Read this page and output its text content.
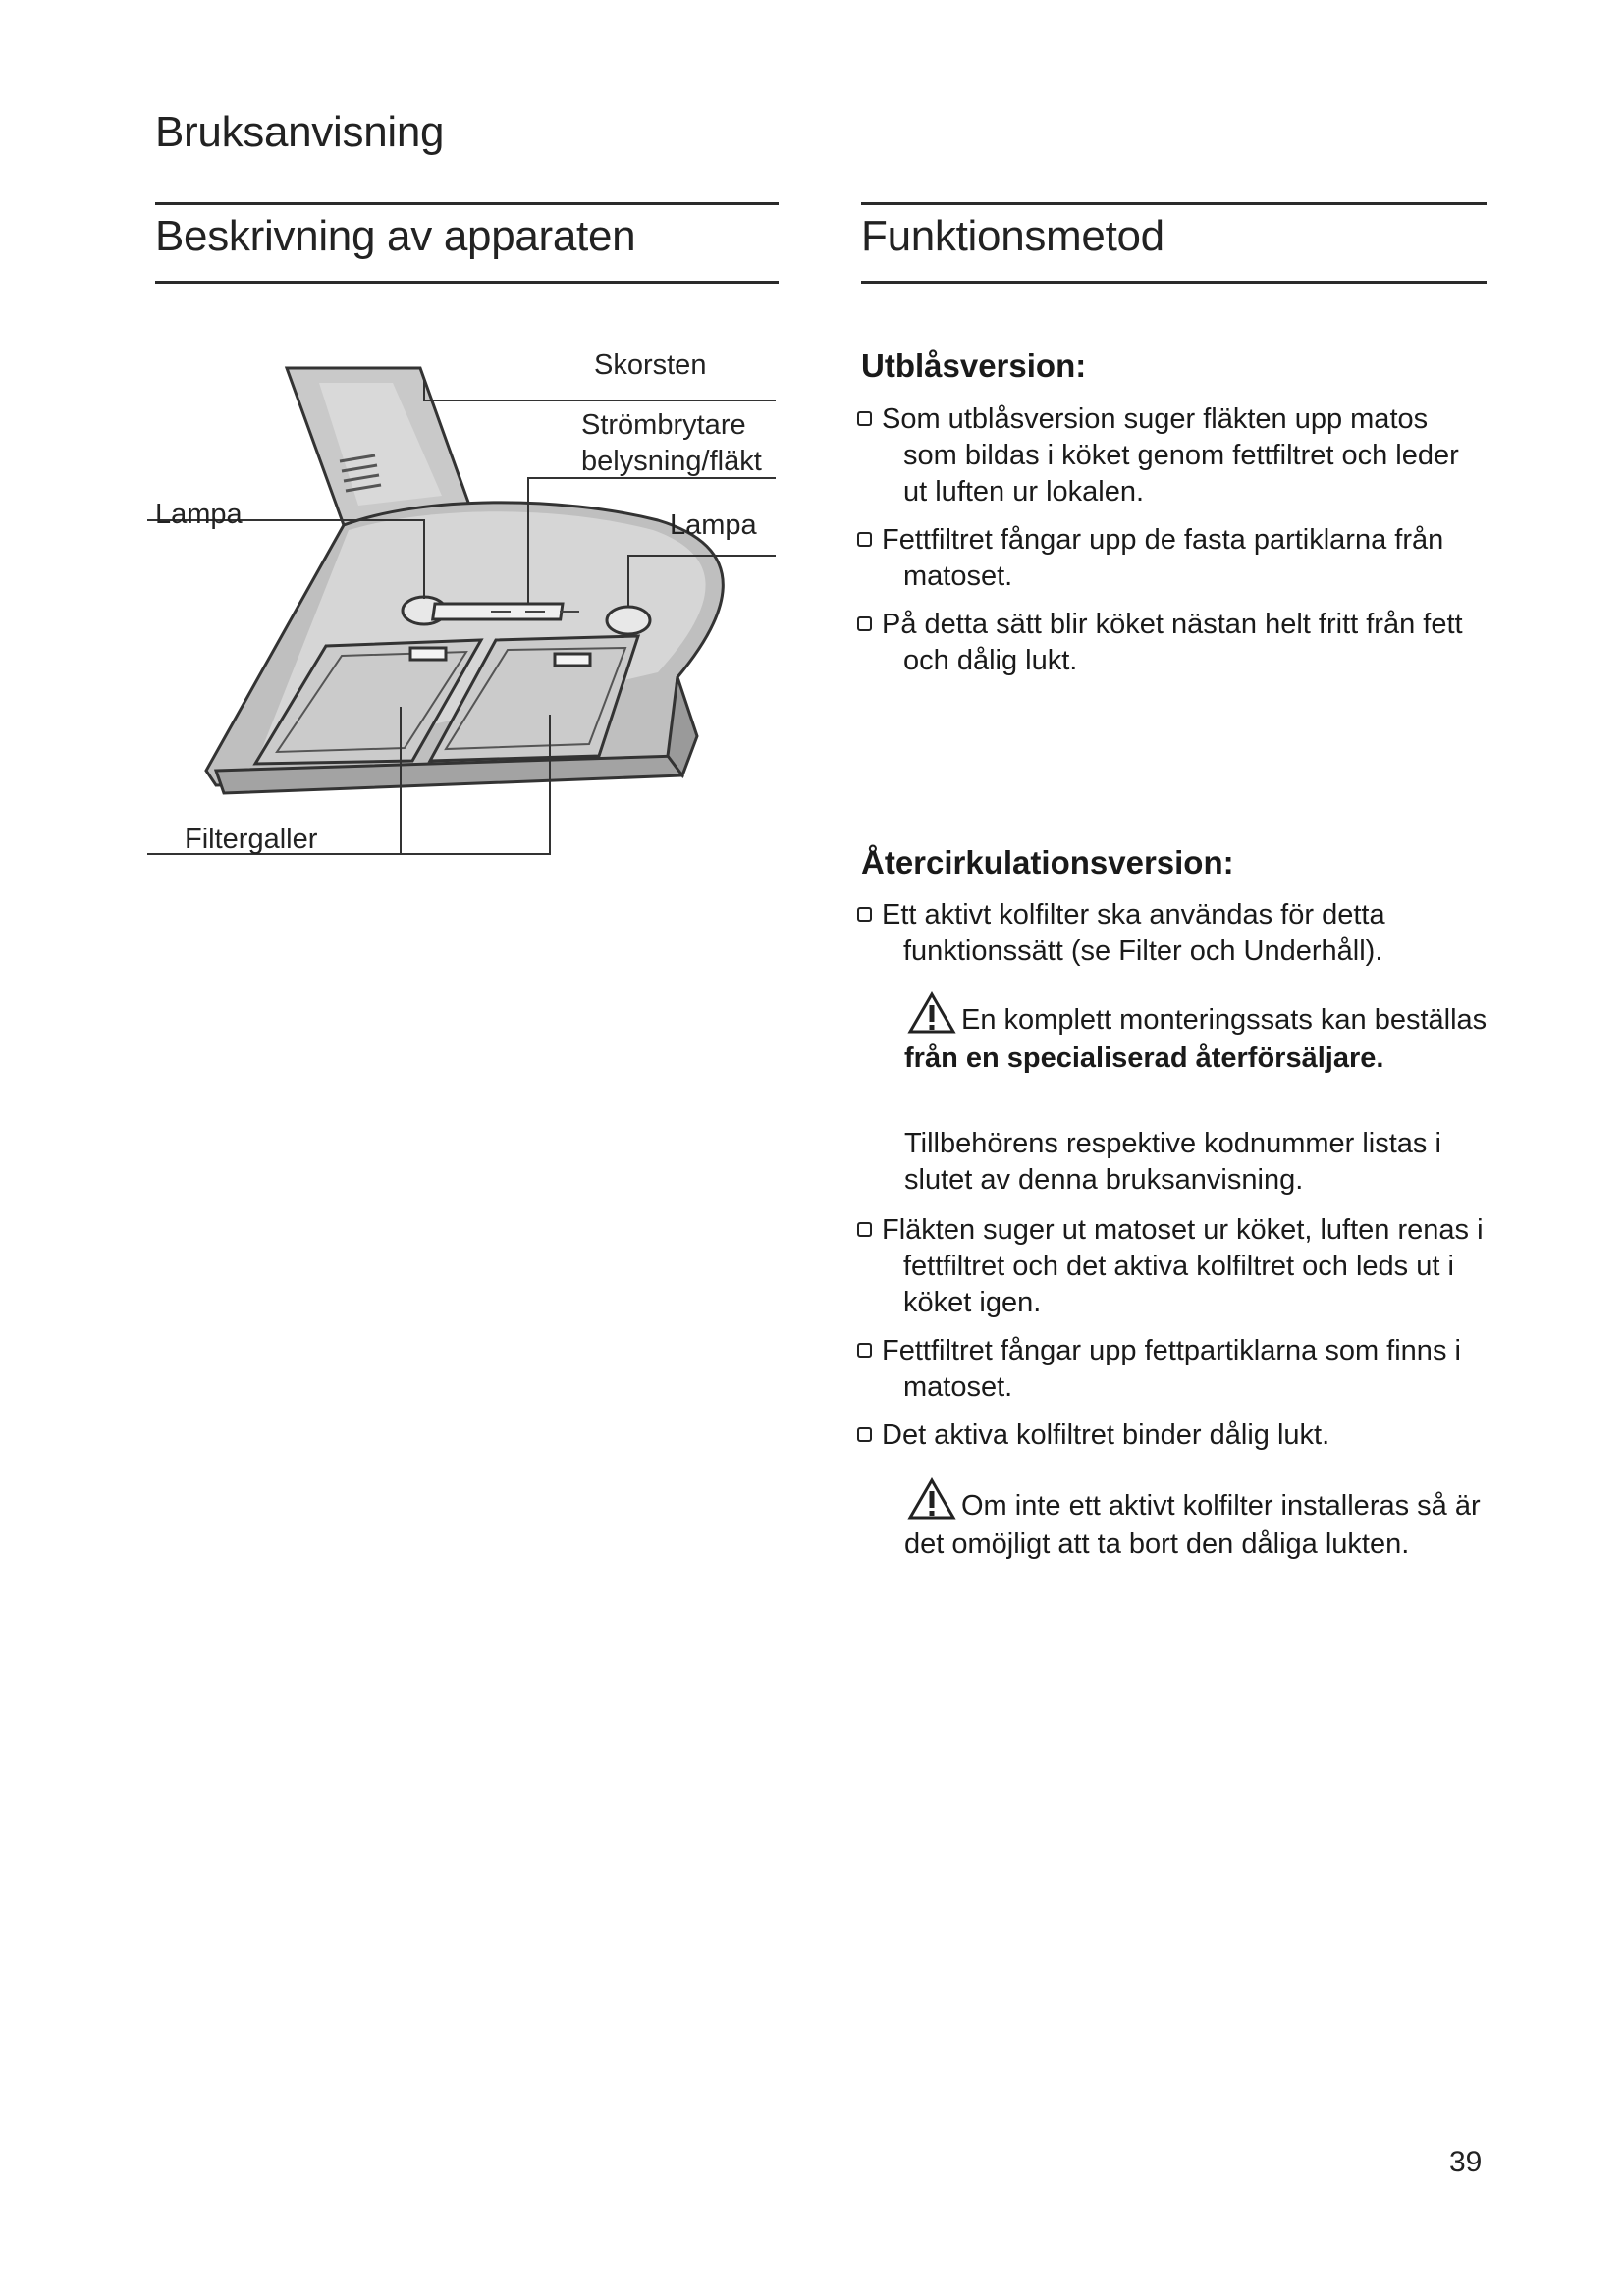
Bruksanvisning
Beskrivning av apparaten	Funktionsmetod
Skorsten
Strömbrytare
belysning/fläkt
Lampa	Lampa
Filtergaller
Utblåsversion:
Som utblåsversion suger fläkten upp matos som bildas i köket genom fettfiltret och leder ut luften ur lokalen.
Fettfiltret fångar upp de fasta partiklarna från matoset.
På detta sätt blir köket nästan helt fritt från fett och dålig lukt.
Återcirkulationsversion:
Ett aktivt kolfilter ska användas för detta funktionssätt (se Filter och Underhåll).
En komplett monteringssats kan beställas från en specialiserad återförsäljare.
Tillbehörens respektive kodnummer listas i slutet av denna bruksanvisning.
Fläkten suger ut matoset ur köket, luften renas i fettfiltret och det aktiva kolfiltret och leds ut i köket igen.
Fettfiltret fångar upp fettpartiklarna som finns i matoset.
Det aktiva kolfiltret binder dålig lukt.
Om inte ett aktivt kolfilter installeras så är det omöjligt att ta bort den dåliga lukten.
39
